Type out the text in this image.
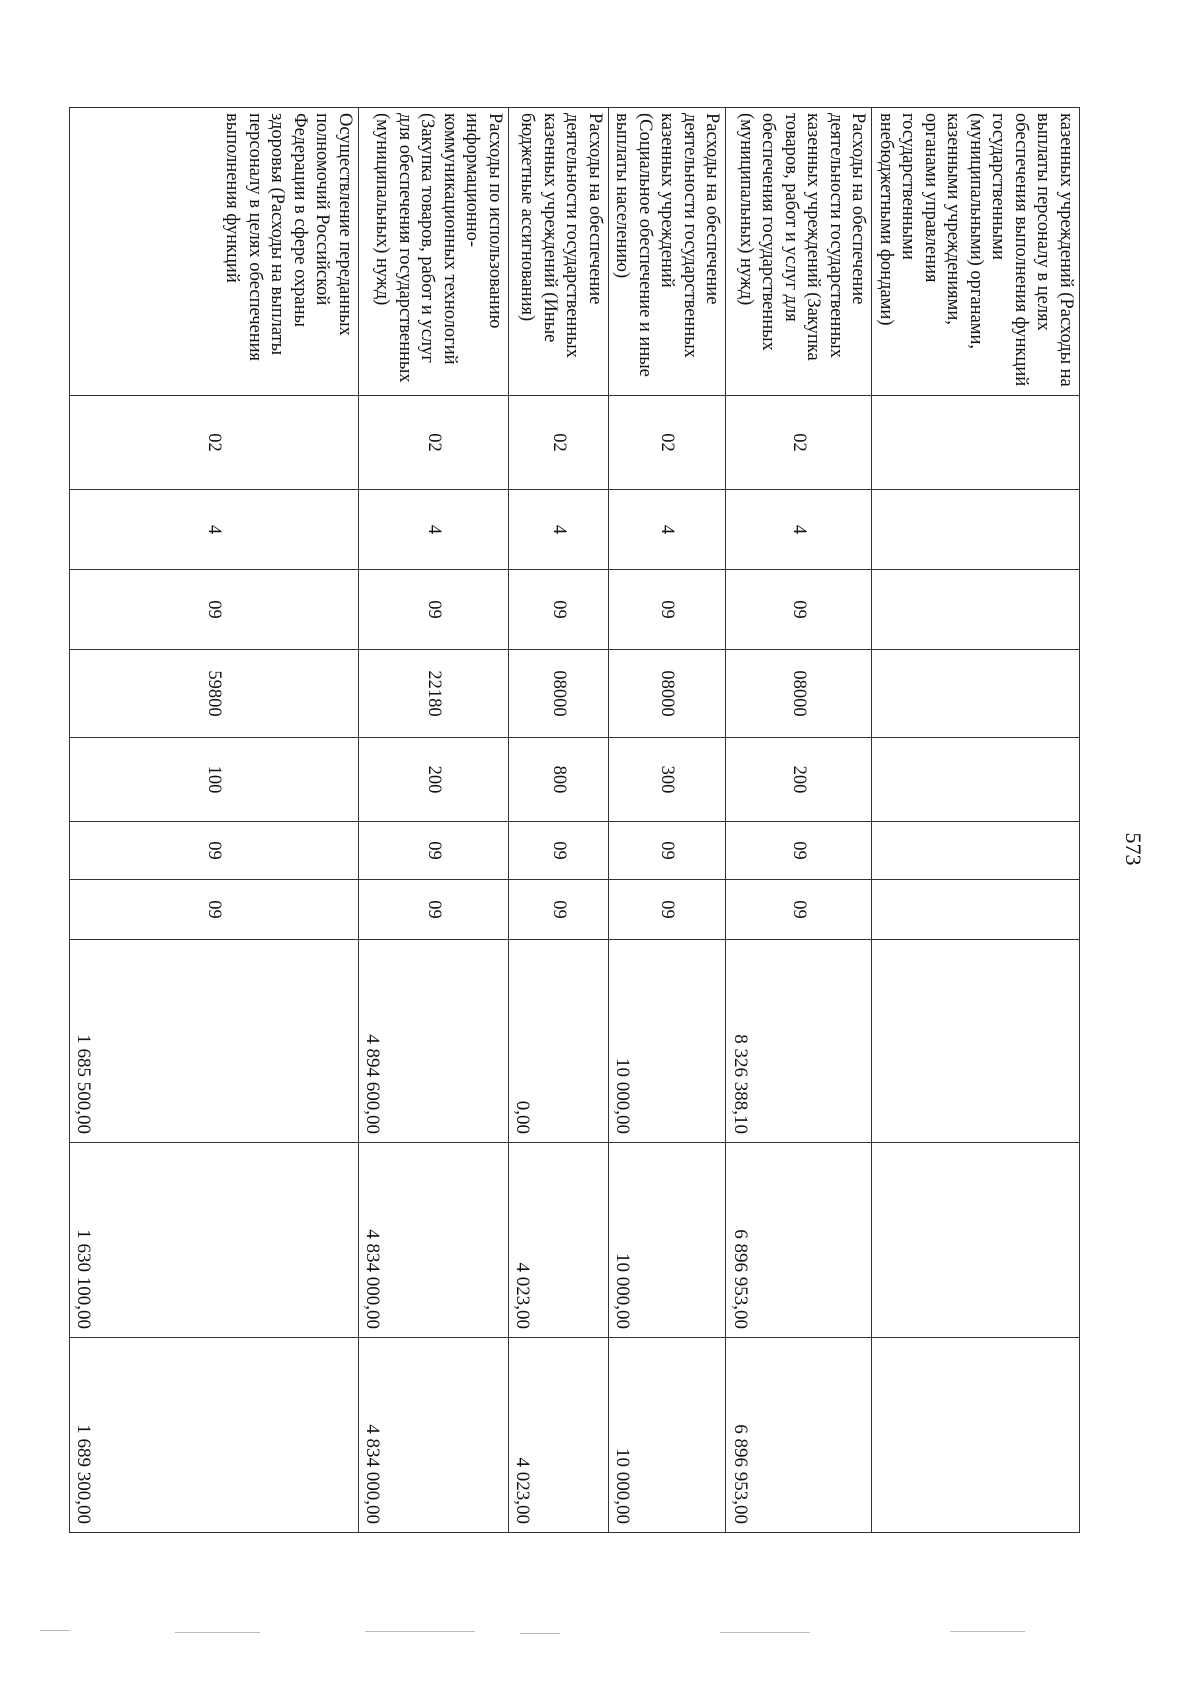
573
казенных учреждений (Расходы на выплаты персоналу в целях обеспечения выполнения функций государственными (муниципальными) органами, казенными учреждениями, органами управления государственными внебюджетными фондами)										
Расходы на обеспечение деятельности государственных казенных учреждений (Закупка товаров, работ и услуг для обеспечения государственных (муниципальных) нужд)	02	4	09	08000	200	09	09	8 326 388,10	6 896 953,00	6 896 953,00
Расходы на обеспечение деятельности государственных казенных учреждений (Социальное обеспечение и иные выплаты населению)	02	4	09	08000	300	09	09	10 000,00	10 000,00	10 000,00
Расходы на обеспечение деятельности государственных казенных учреждений (Иные бюджетные ассигнования)	02	4	09	08000	800	09	09	0,00	4 023,00	4 023,00
Расходы по использованию информационно-коммуникационных технологий (Закупка товаров, работ и услуг для обеспечения государственных (муниципальных) нужд)	02	4	09	22180	200	09	09	4 894 600,00	4 834 000,00	4 834 000,00
Осуществление переданных полномочий Российской Федерации в сфере охраны здоровья (Расходы на выплаты персоналу в целях обеспечения выполнения функций	02	4	09	59800	100	09	09	1 685 500,00	1 630 100,00	1 689 300,00
